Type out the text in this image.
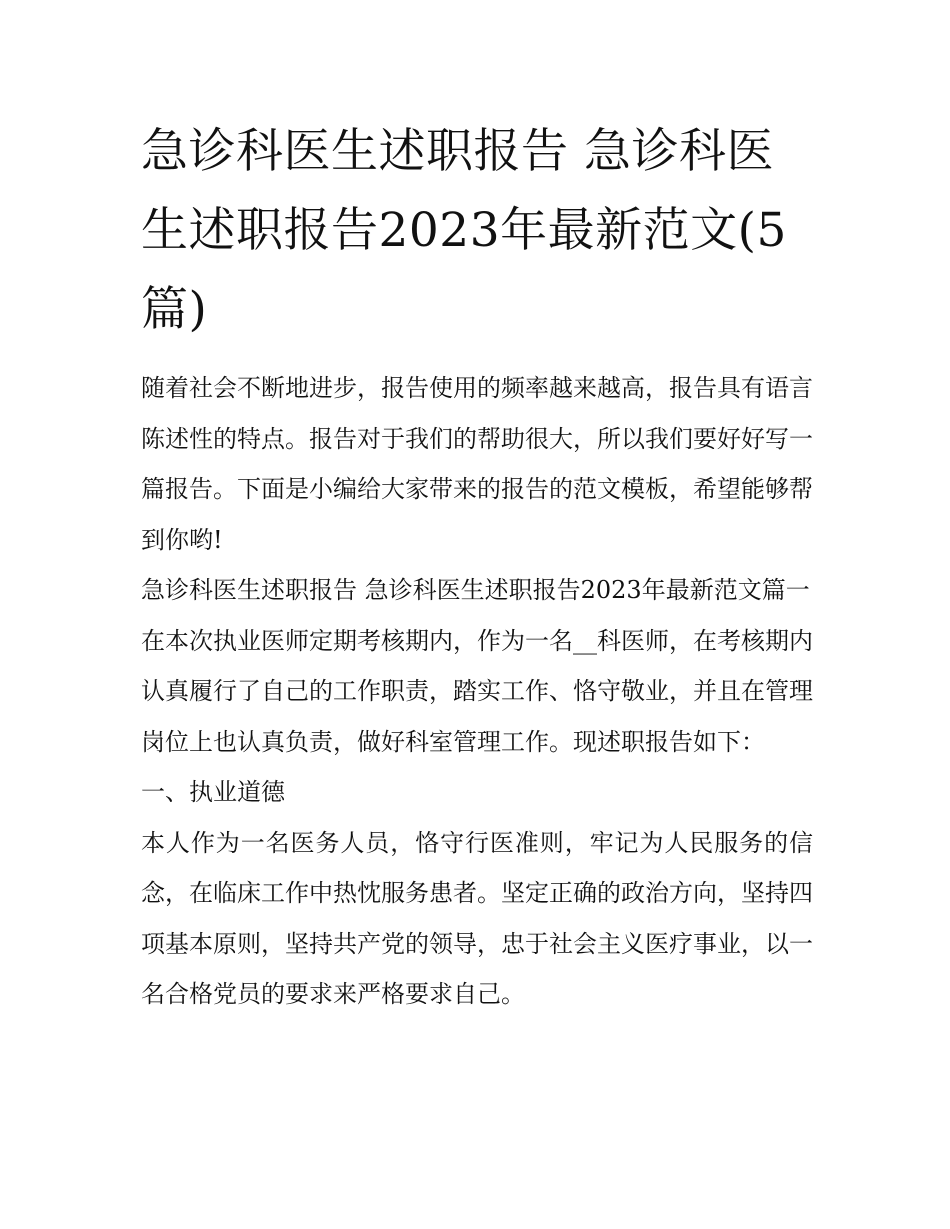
急诊科医生述职报告 急诊科医生述职报告2023年最新范文(5篇)

随着社会不断地进步，报告使用的频率越来越高，报告具有语言陈述性的特点。报告对于我们的帮助很大，所以我们要好好写一篇报告。下面是小编给大家带来的报告的范文模板，希望能够帮到你哟!

急诊科医生述职报告 急诊科医生述职报告2023年最新范文篇一

在本次执业医师定期考核期内，作为一名__科医师，在考核期内认真履行了自己的工作职责，踏实工作、恪守敬业，并且在管理岗位上也认真负责，做好科室管理工作。现述职报告如下：

一、执业道德

本人作为一名医务人员，恪守行医准则，牢记为人民服务的信念，在临床工作中热忱服务患者。坚定正确的政治方向，坚持四项基本原则，坚持共产党的领导，忠于社会主义医疗事业，以一名合格党员的要求来严格要求自己。
